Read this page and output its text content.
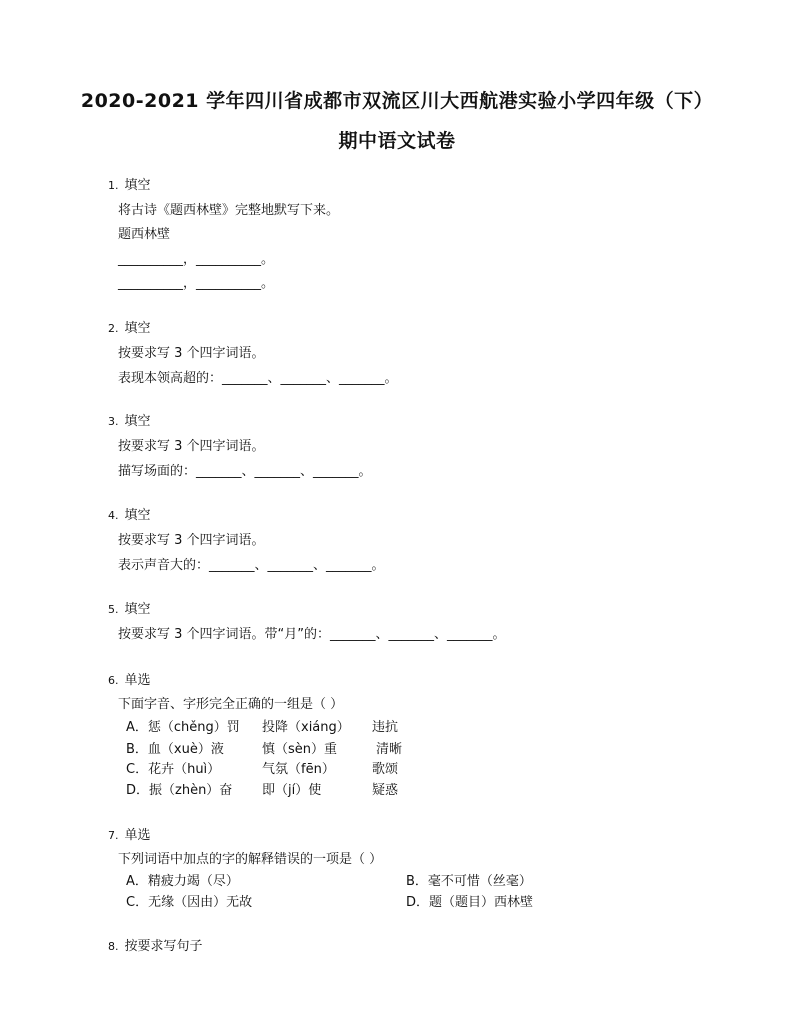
2020-2021 学年四川省成都市双流区川大西航港实验小学四年级（下）
期中语文试卷
1. 填空
将古诗《题西林壁》完整地默写下来。
题西林壁
__________，__________。
__________，__________。
2. 填空
按要求写 3 个四字词语。
表现本领高超的：_______、_______、_______。
3. 填空
按要求写 3 个四字词语。
描写场面的：_______、_______、_______。
4. 填空
按要求写 3 个四字词语。
表示声音大的：_______、_______、_______。
5. 填空
按要求写 3 个四字词语。带“月”的：_______、_______、_______。
6. 单选
下面字音、字形完全正确的一组是（ ）
A．惩（chěng）罚 投降（xiáng） 违抗
B．血（xuè）液	慎（sèn）重	清晰
C．花卉（huì）	气氛（fēn）	歌颂
D．振（zhèn）奋 即（jí）使	疑惑
7. 单选
下列词语中加点的字的解释错误的一项是（ ）
A．精疲力竭（尽）	B．毫不可惜（丝毫）
C．无缘（因由）无故	D．题（题目）西林壁
8. 按要求写句子
